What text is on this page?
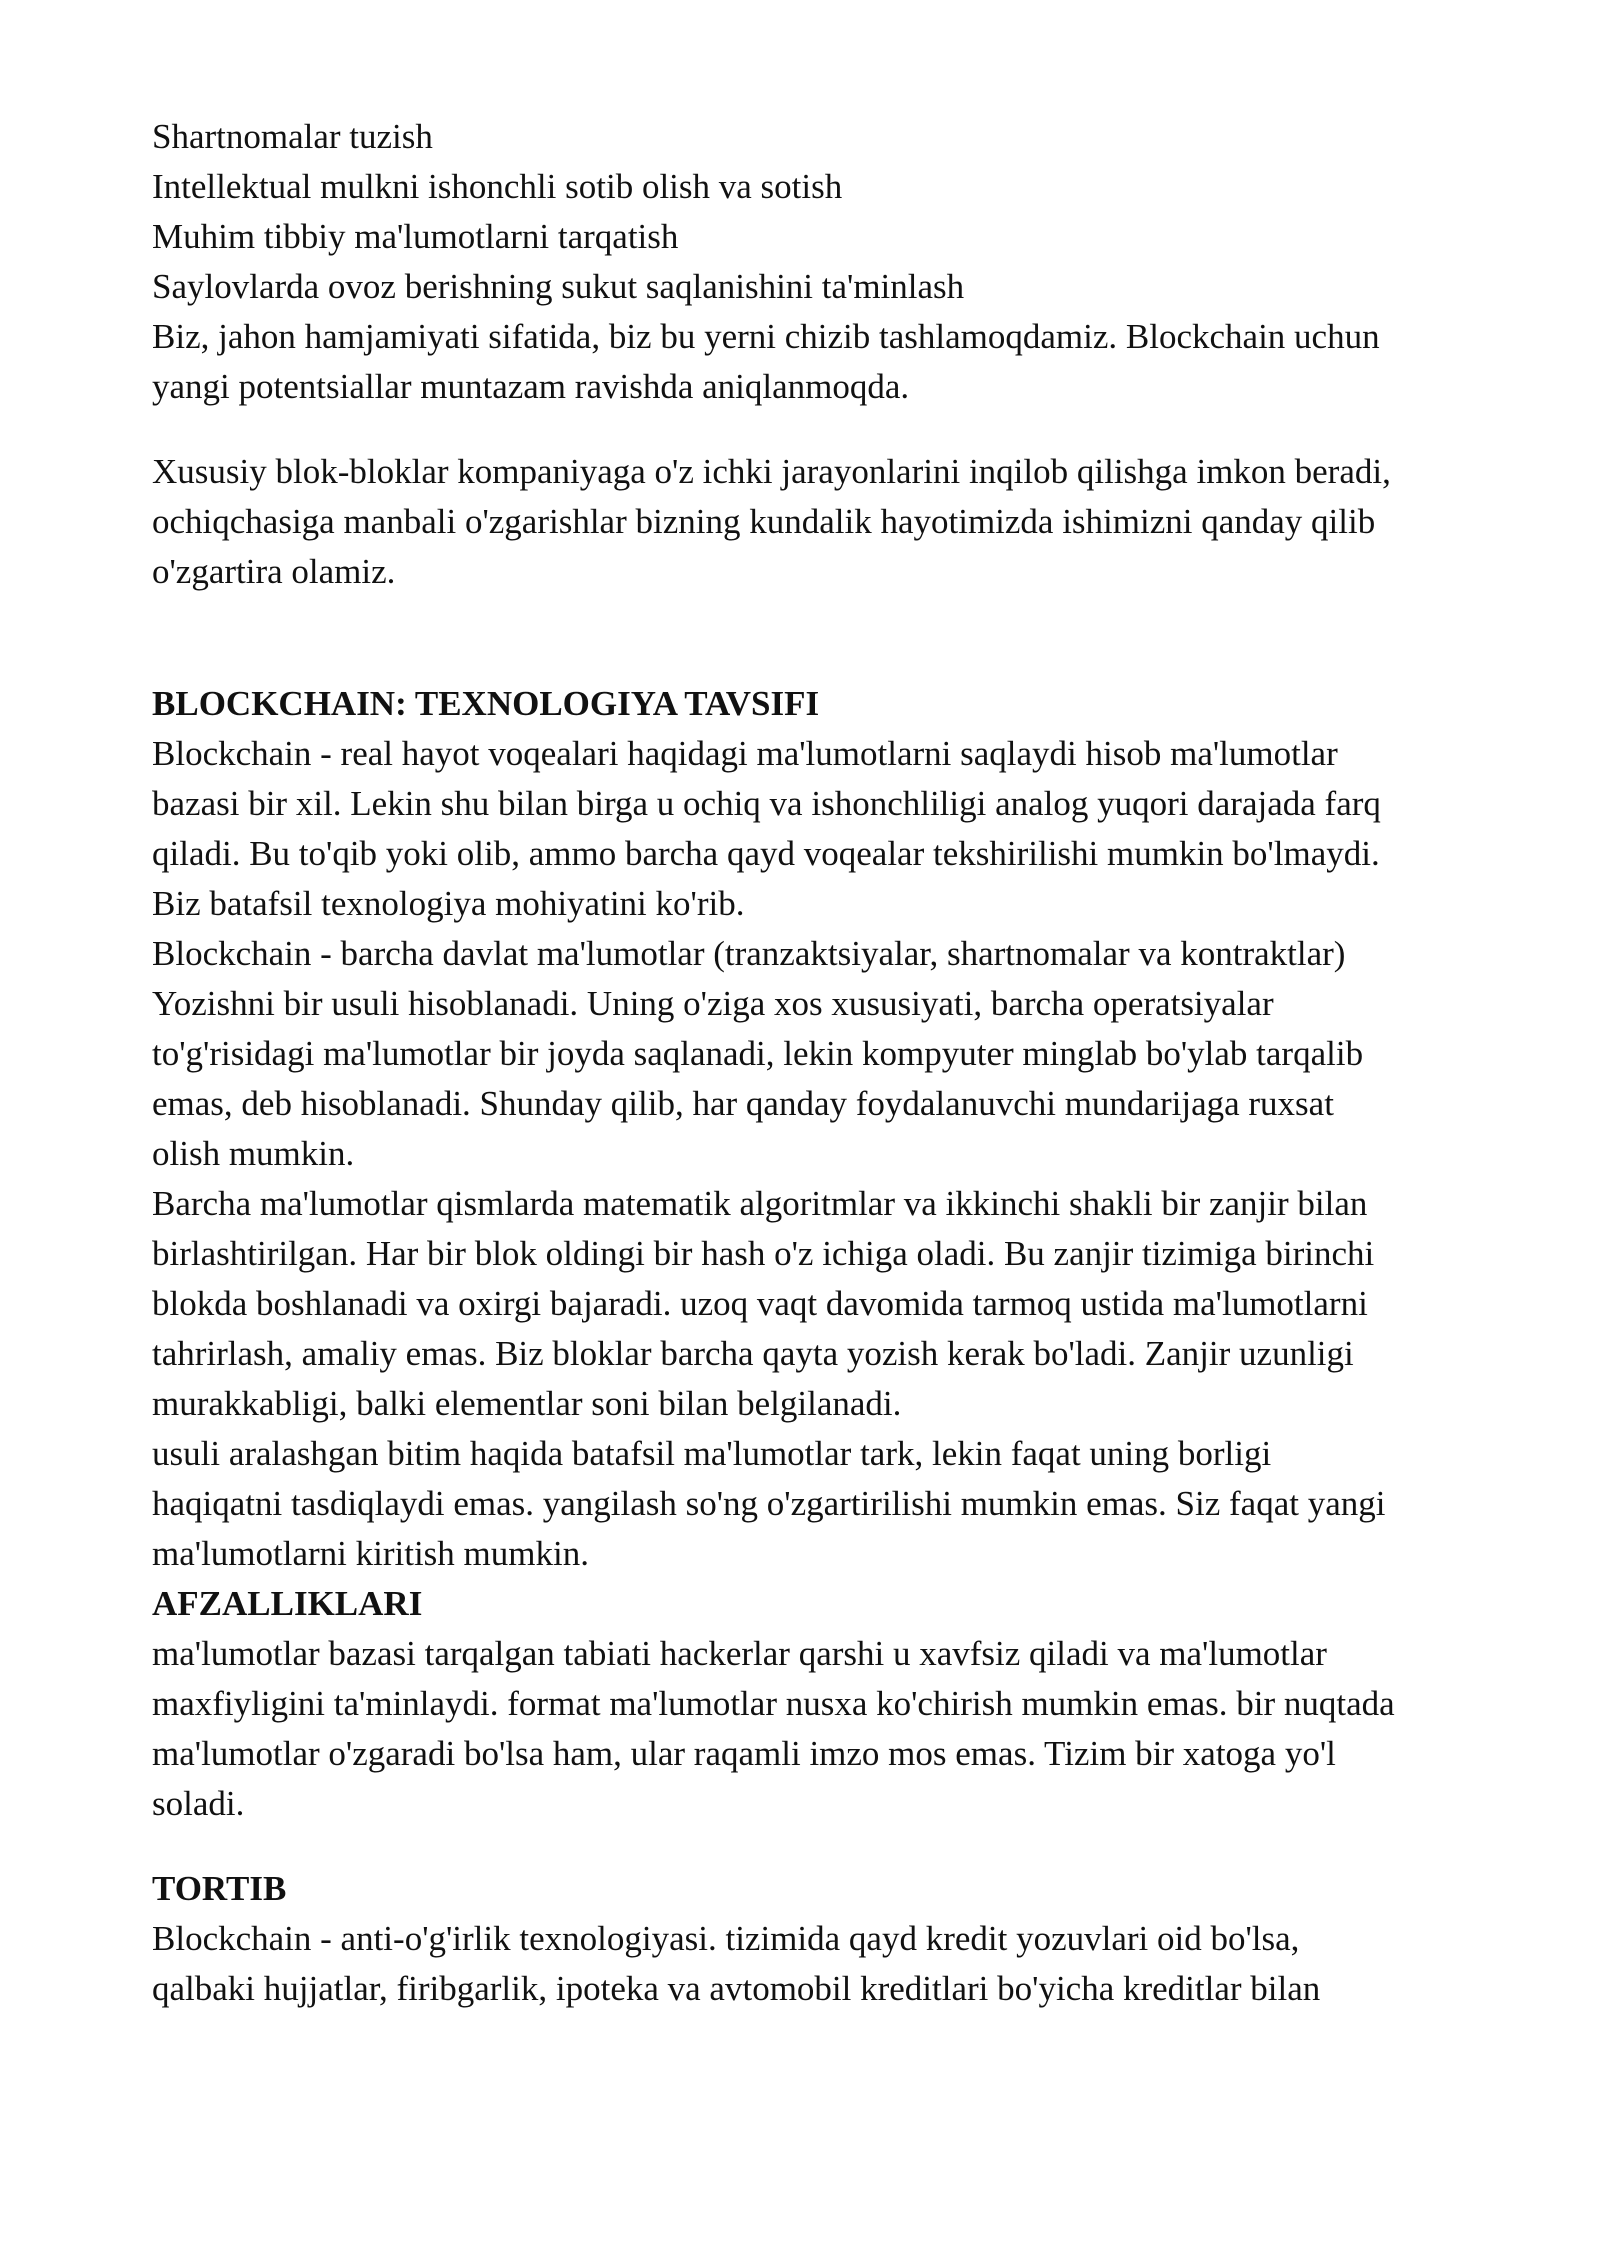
Shartnomalar tuzish
Intellektual mulkni ishonchli sotib olish va sotish
Muhim tibbiy ma'lumotlarni tarqatish
Saylovlarda ovoz berishning sukut saqlanishini ta'minlash
Biz, jahon hamjamiyati sifatida, biz bu yerni chizib tashlamoqdamiz. Blockchain uchun
yangi potentsiallar muntazam ravishda aniqlanmoqda.
Xususiy blok-bloklar kompaniyaga o'z ichki jarayonlarini inqilob qilishga imkon beradi,
ochiqchasiga manbali o'zgarishlar bizning kundalik hayotimizda ishimizni qanday qilib
o'zgartira olamiz.
BLOCKCHAIN: TEXNOLOGIYA TAVSIFI
Blockchain - real hayot voqealari haqidagi ma'lumotlarni saqlaydi hisob ma'lumotlar
bazasi bir xil. Lekin shu bilan birga u ochiq va ishonchliligi analog yuqori darajada farq
qiladi. Bu to'qib yoki olib, ammo barcha qayd voqealar tekshirilishi mumkin bo'lmaydi.
Biz batafsil texnologiya mohiyatini ko'rib.
Blockchain - barcha davlat ma'lumotlar (tranzaktsiyalar, shartnomalar va kontraktlar)
Yozishni bir usuli hisoblanadi. Uning o'ziga xos xususiyati, barcha operatsiyalar
to'g'risidagi ma'lumotlar bir joyda saqlanadi, lekin kompyuter minglab bo'ylab tarqalib
emas, deb hisoblanadi. Shunday qilib, har qanday foydalanuvchi mundarijaga ruxsat
olish mumkin.
Barcha ma'lumotlar qismlarda matematik algoritmlar va ikkinchi shakli bir zanjir bilan
birlashtirilgan. Har bir blok oldingi bir hash o'z ichiga oladi. Bu zanjir tizimiga birinchi
blokda boshlanadi va oxirgi bajaradi. uzoq vaqt davomida tarmoq ustida ma'lumotlarni
tahrirlash, amaliy emas. Biz bloklar barcha qayta yozish kerak bo'ladi. Zanjir uzunligi
murakkabligi, balki elementlar soni bilan belgilanadi.
usuli aralashgan bitim haqida batafsil ma'lumotlar tark, lekin faqat uning borligi
haqiqatni tasdiqlaydi emas. yangilash so'ng o'zgartirilishi mumkin emas. Siz faqat yangi
ma'lumotlarni kiritish mumkin.
AFZALLIKLARI
ma'lumotlar bazasi tarqalgan tabiati hackerlar qarshi u xavfsiz qiladi va ma'lumotlar
maxfiyligini ta'minlaydi. format ma'lumotlar nusxa ko'chirish mumkin emas. bir nuqtada
ma'lumotlar o'zgaradi bo'lsa ham, ular raqamli imzo mos emas. Tizim bir xatoga yo'l
soladi.
TORTIB
Blockchain - anti-o'g'irlik texnologiyasi. tizimida qayd kredit yozuvlari oid bo'lsa,
qalbaki hujjatlar, firibgarlik, ipoteka va avtomobil kreditlari bo'yicha kreditlar bilan
